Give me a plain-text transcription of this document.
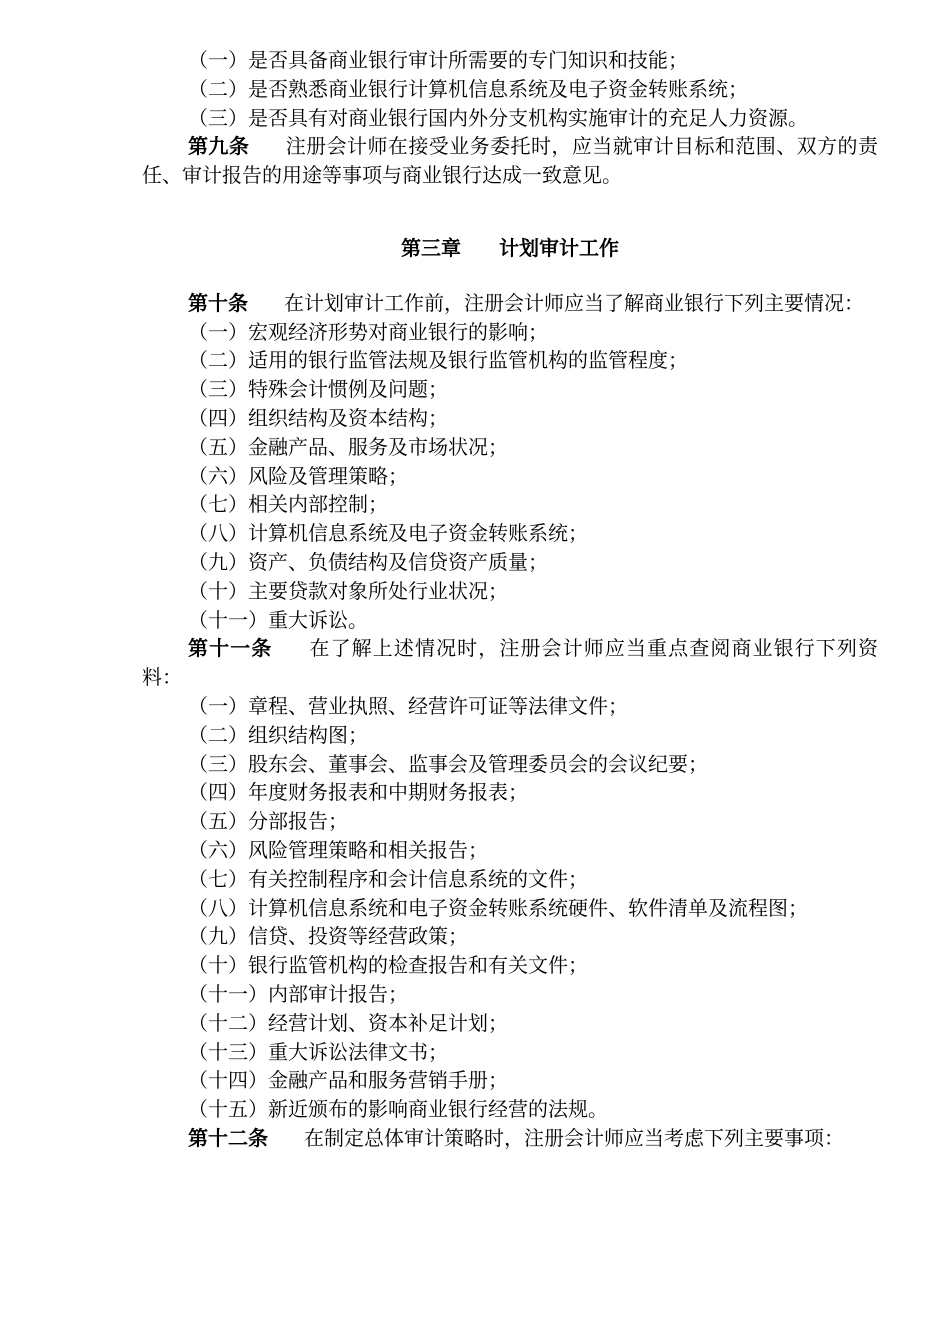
（一）是否具备商业银行审计所需要的专门知识和技能；
（二）是否熟悉商业银行计算机信息系统及电子资金转账系统；
（三）是否具有对商业银行国内外分支机构实施审计的充足人力资源。
第九条 注册会计师在接受业务委托时，应当就审计目标和范围、双方的责任、审计报告的用途等事项与商业银行达成一致意见。
第三章 计划审计工作
第十条 在计划审计工作前，注册会计师应当了解商业银行下列主要情况：
（一）宏观经济形势对商业银行的影响；
（二）适用的银行监管法规及银行监管机构的监管程度；
（三）特殊会计惯例及问题；
（四）组织结构及资本结构；
（五）金融产品、服务及市场状况；
（六）风险及管理策略；
（七）相关内部控制；
（八）计算机信息系统及电子资金转账系统；
（九）资产、负债结构及信贷资产质量；
（十）主要贷款对象所处行业状况；
（十一）重大诉讼。
第十一条 在了解上述情况时，注册会计师应当重点查阅商业银行下列资料：
（一）章程、营业执照、经营许可证等法律文件；
（二）组织结构图；
（三）股东会、董事会、监事会及管理委员会的会议纪要；
（四）年度财务报表和中期财务报表；
（五）分部报告；
（六）风险管理策略和相关报告；
（七）有关控制程序和会计信息系统的文件；
（八）计算机信息系统和电子资金转账系统硬件、软件清单及流程图；
（九）信贷、投资等经营政策；
（十）银行监管机构的检查报告和有关文件；
（十一）内部审计报告；
（十二）经营计划、资本补足计划；
（十三）重大诉讼法律文书；
（十四）金融产品和服务营销手册；
（十五）新近颁布的影响商业银行经营的法规。
第十二条 在制定总体审计策略时，注册会计师应当考虑下列主要事项：
